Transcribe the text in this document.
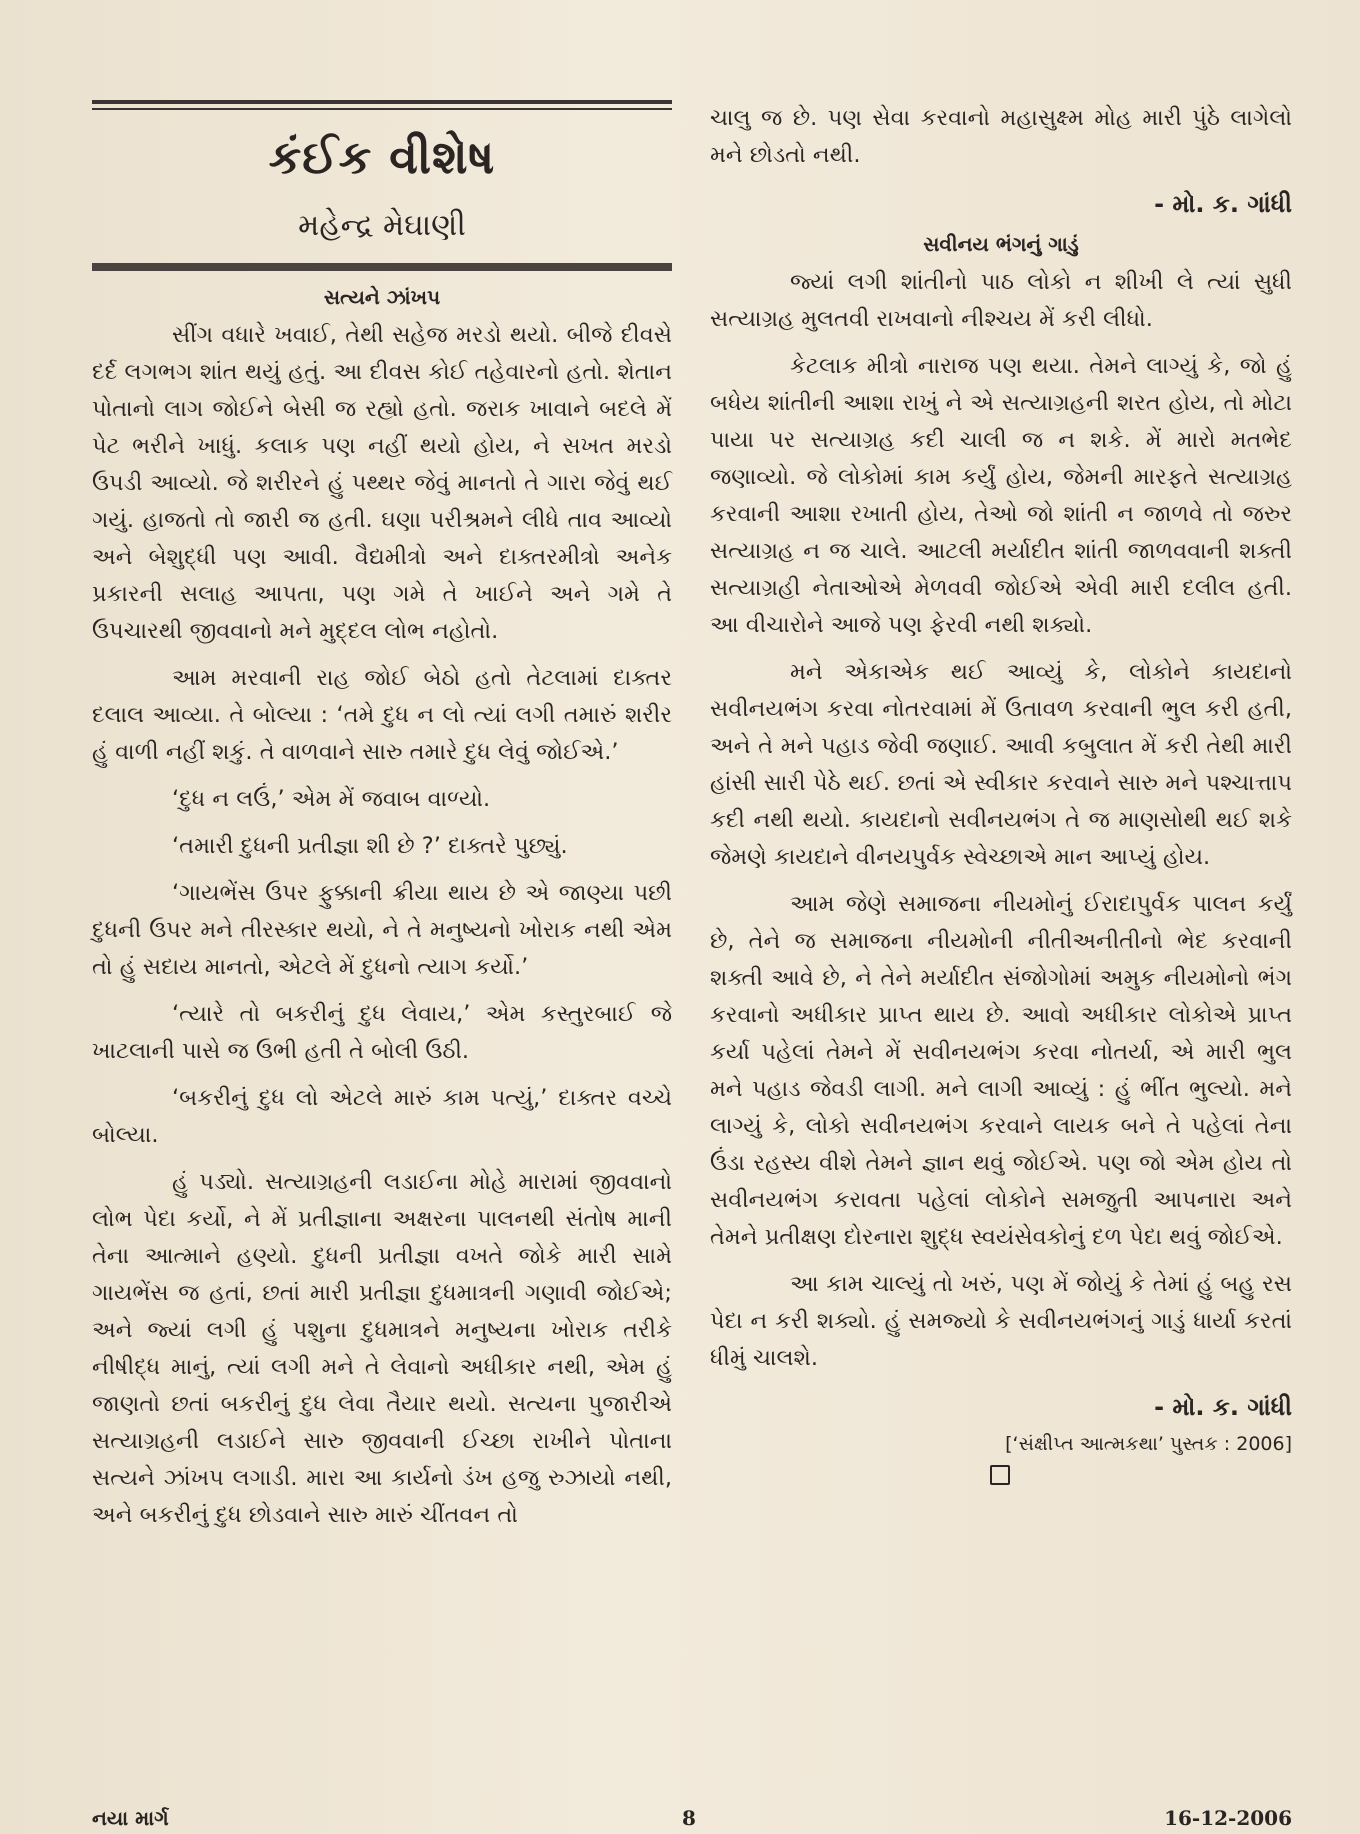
કંઈક વીશેષ
મહેન્દ્ર મેઘાણી
સત્યને ઝાંખપ

સીંગ વધારે ખવાઈ, તેથી સહેજ મરડો થયો. બીજે દીવસે દર્દ લગભગ શાંત થયું હતું. આ દીવસ કોઈ તહેવારનો હતો. શેતાન પોતાનો લાગ જોઈને બેસી જ રહ્યો હતો. જરાક ખાવાને બદલે મેં પેટ ભરીને ખાધું. કલાક પણ નહીં થયો હોય, ને સખત મરડો ઉપડી આવ્યો. જે શરીરને હું પથ્થર જેવું માનતો તે ગારા જેવું થઈ ગયું. હાજતો તો જારી જ હતી. ઘણા પરીશ્રમને લીધે તાવ આવ્યો અને બેશુદ્ધી પણ આવી. વૈદ્યમીત્રો અને દાક્તરમીત્રો અનેક પ્રકારની સલાહ આપતા, પણ ગમે તે ખાઈને અને ગમે તે ઉપચારથી જીવવાનો મને મુદ્દલ લોભ નહોતો.

આમ મરવાની રાહ જોઈ બેઠો હતો તેટલામાં દાક્તર દલાલ આવ્યા. તે બોલ્યા : ‘તમે દુધ ન લો ત્યાં લગી તમારું શરીર હું વાળી નહીં શકું. તે વાળવાને સારુ તમારે દુધ લેવું જોઈએ.’

‘દુધ ન લઉં,’ એમ મેં જવાબ વાળ્યો.

‘તમારી દુધની પ્રતીજ્ઞા શી છે ?’ દાક્તરે પુછ્યું.

‘ગાયભેંસ ઉપર ફુક્કાની ક્રીયા થાય છે એ જાણ્યા પછી દુધની ઉપર મને તીરસ્કાર થયો, ને તે મનુષ્યનો ખોરાક નથી એમ તો હું સદાય માનતો, એટલે મેં દુધનો ત્યાગ કર્યો.’

‘ત્યારે તો બકરીનું દુધ લેવાય,’ એમ કસ્તુરબાઈ જે ખાટલાની પાસે જ ઉભી હતી તે બોલી ઉઠી.

‘બકરીનું દુધ લો એટલે મારું કામ પત્યું,’ દાક્તર વચ્ચે બોલ્યા.

હું પડ્યો. સત્યાગ્રહની લડાઈના મોહે મારામાં જીવવાનો લોભ પેદા કર્યો, ને મેં પ્રતીજ્ઞાના અક્ષરના પાલનથી સંતોષ માની તેના આત્માને હણ્યો. દુધની પ્રતીજ્ઞા વખતે જોકે મારી સામે ગાયભેંસ જ હતાં, છતાં મારી પ્રતીજ્ઞા દુધમાત્રની ગણાવી જોઈએ; અને જ્યાં લગી હું પશુના દુધમાત્રને મનુષ્યના ખોરાક તરીકે નીષીદ્ધ માનું, ત્યાં લગી મને તે લેવાનો અધીકાર નથી, એમ હું જાણતો છતાં બકરીનું દુધ લેવા તૈયાર થયો. સત્યના પુજારીએ સત્યાગ્રહની લડાઈને સારુ જીવવાની ઈચ્છા રાખીને પોતાના સત્યને ઝાંખપ લગાડી. મારા આ કાર્યનો ડંખ હજુ રુઝાયો નથી, અને બકરીનું દુધ છોડવાને સારુ મારું ચીંતવન તો

ચાલુ જ છે. પણ સેવા કરવાનો મહાસુક્ષ્મ મોહ મારી પુંઠે લાગેલો મને છોડતો નથી.

- મો. ક. ગાંધી
સવીનય ભંગનું ગાડું

જ્યાં લગી શાંતીનો પાઠ લોકો ન શીખી લે ત્યાં સુધી સત્યાગ્રહ મુલતવી રાખવાનો નીશ્ચય મેં કરી લીધો.

કેટલાક મીત્રો નારાજ પણ થયા. તેમને લાગ્યું કે, જો હું બધેય શાંતીની આશા રાખું ને એ સત્યાગ્રહની શરત હોય, તો મોટા પાયા પર સત્યાગ્રહ કદી ચાલી જ ન શકે. મેં મારો મતભેદ જણાવ્યો. જે લોકોમાં કામ કર્યું હોય, જેમની મારફતે સત્યાગ્રહ કરવાની આશા રખાતી હોય, તેઓ જો શાંતી ન જાળવે તો જરુર સત્યાગ્રહ ન જ ચાલે. આટલી મર્યાદીત શાંતી જાળવવાની શક્તી સત્યાગ્રહી નેતાઓએ મેળવવી જોઈએ એવી મારી દલીલ હતી. આ વીચારોને આજે પણ ફેરવી નથી શક્યો.

મને એકાએક થઈ આવ્યું કે, લોકોને કાયદાનો સવીનયભંગ કરવા નોતરવામાં મેં ઉતાવળ કરવાની ભુલ કરી હતી, અને તે મને પહાડ જેવી જણાઈ. આવી કબુલાત મેં કરી તેથી મારી હાંસી સારી પેઠે થઈ. છતાં એ સ્વીકાર કરવાને સારુ મને પશ્ચાત્તાપ કદી નથી થયો. કાયદાનો સવીનયભંગ તે જ માણસોથી થઈ શકે જેમણે કાયદાને વીનયપુર્વક સ્વેચ્છાએ માન આપ્યું હોય.

આમ જેણે સમાજના નીયમોનું ઈરાદાપુર્વક પાલન કર્યું છે, તેને જ સમાજના નીયમોની નીતીઅનીતીનો ભેદ કરવાની શક્તી આવે છે, ને તેને મર્યાદીત સંજોગોમાં અમુક નીયમોનો ભંગ કરવાનો અધીકાર પ્રાપ્ત થાય છે. આવો અધીકાર લોકોએ પ્રાપ્ત કર્યા પહેલાં તેમને મેં સવીનયભંગ કરવા નોતર્યા, એ મારી ભુલ મને પહાડ જેવડી લાગી. મને લાગી આવ્યું : હું ભીંત ભુલ્યો. મને લાગ્યું કે, લોકો સવીનયભંગ કરવાને લાયક બને તે પહેલાં તેના ઉંડા રહસ્ય વીશે તેમને જ્ઞાન થવું જોઈએ. પણ જો એમ હોય તો સવીનયભંગ કરાવતા પહેલાં લોકોને સમજુતી આપનારા અને તેમને પ્રતીક્ષણ દોરનારા શુદ્ધ સ્વયંસેવકોનું દળ પેદા થવું જોઈએ.

આ કામ ચાલ્યું તો ખરું, પણ મેં જોયું કે તેમાં હું બહુ રસ પેદા ન કરી શક્યો. હું સમજ્યો કે સવીનયભંગનું ગાડું ધાર્યા કરતાં ધીમું ચાલશે.

- મો. ક. ગાંધી
[‘સંક્ષીપ્ત આત્મકથા’ પુસ્તક : 2006]
નયા માર્ગ	8	16-12-2006
